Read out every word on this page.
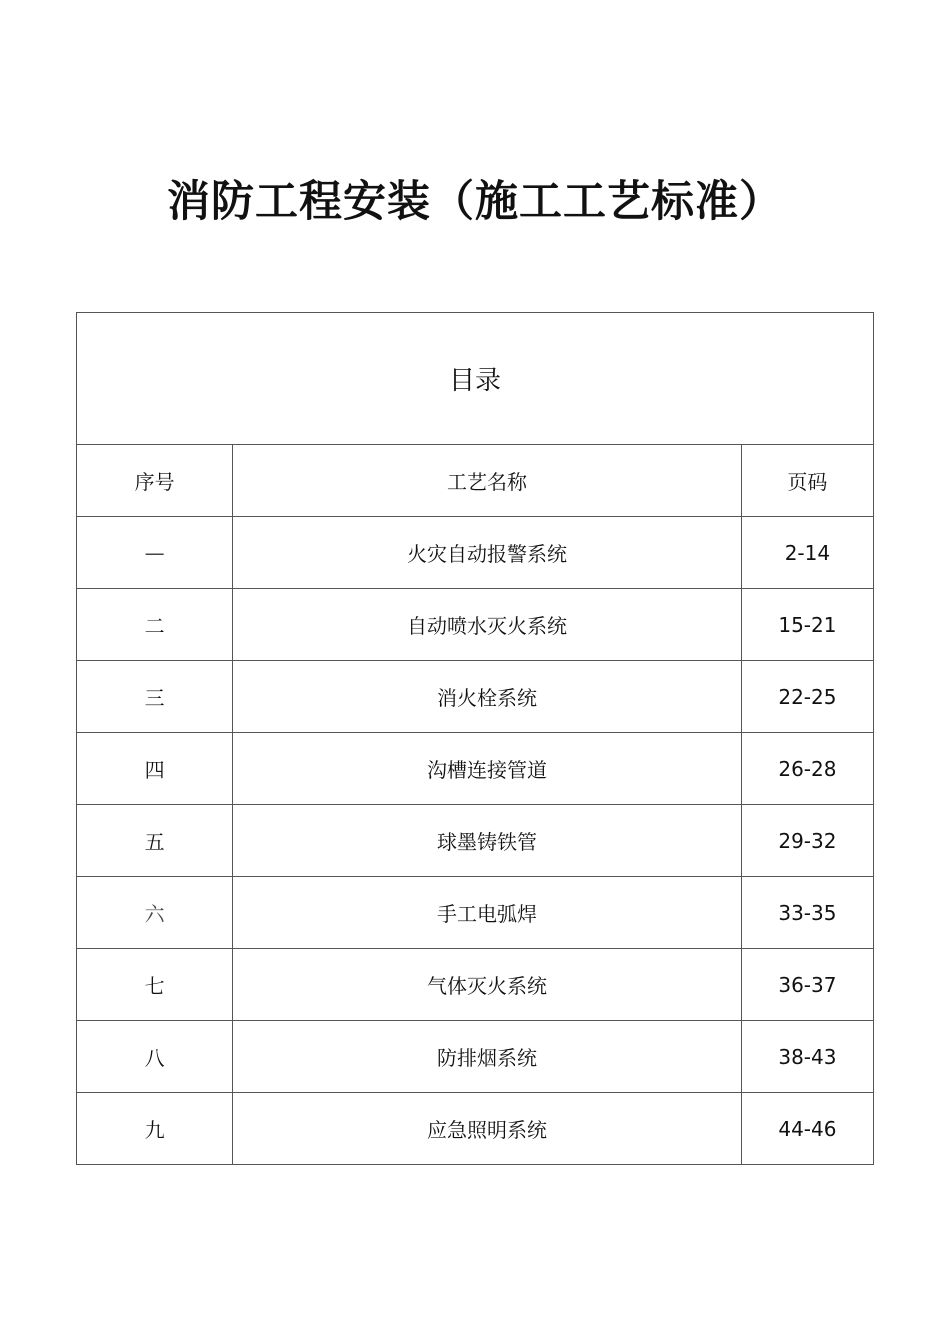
消防工程安装（施工工艺标准）
目录		
序号	工艺名称	页码
—	火灾自动报警系统	2-14
二	自动喷水灭火系统	15-21
三	消火栓系统	22-25
四	沟槽连接管道	26-28
五	球墨铸铁管	29-32
六	手工电弧焊	33-35
七	气体灭火系统	36-37
八	防排烟系统	38-43
九	应急照明系统	44-46
